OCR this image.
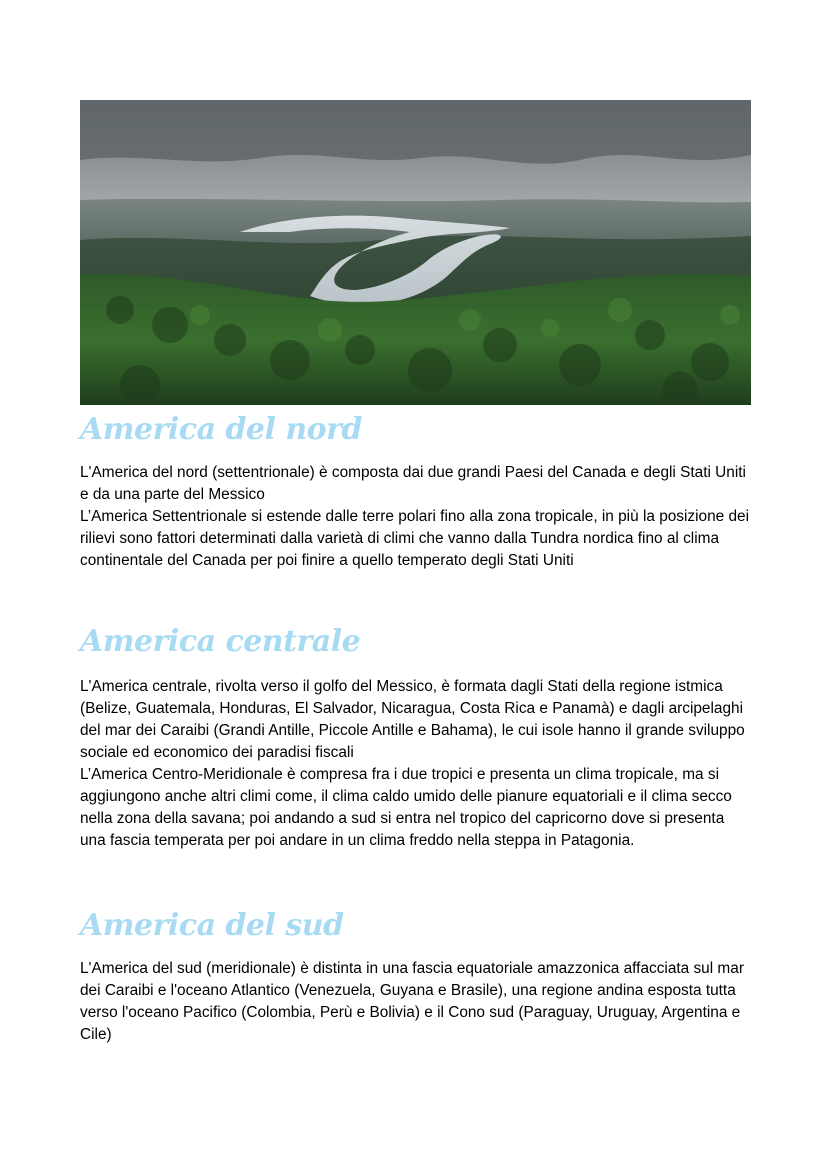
America del nord

L'America del nord (settentrionale) è composta dai due grandi Paesi del Canada e degli Stati Uniti e da una parte del Messico
L’America Settentrionale si estende dalle terre polari fino alla zona tropicale, in più la posizione dei rilievi sono fattori determinati dalla varietà di climi che vanno dalla Tundra nordica fino al clima continentale del Canada per poi finire a quello temperato degli Stati Uniti

America centrale

L'America centrale, rivolta verso il golfo del Messico, è formata dagli Stati della regione istmica (Belize, Guatemala, Honduras, El Salvador, Nicaragua, Costa Rica e Panamà) e dagli arcipelaghi del mar dei Caraibi (Grandi Antille, Piccole Antille e Bahama), le cui isole hanno il grande sviluppo sociale ed economico dei paradisi fiscali
L’America Centro-Meridionale è compresa fra i due tropici e presenta un clima tropicale, ma si aggiungono anche altri climi come, il clima caldo umido delle pianure equatoriali e il clima secco nella zona della savana; poi andando a sud si entra nel tropico del capricorno dove si presenta una fascia temperata per poi andare in un clima freddo nella steppa in Patagonia.

America del sud

L'America del sud (meridionale) è distinta in una fascia equatoriale amazzonica affacciata sul mar dei Caraibi e l'oceano Atlantico (Venezuela, Guyana e Brasile), una regione andina esposta tutta verso l'oceano Pacifico (Colombia, Perù e Bolivia) e il Cono sud (Paraguay, Uruguay, Argentina e Cile)
